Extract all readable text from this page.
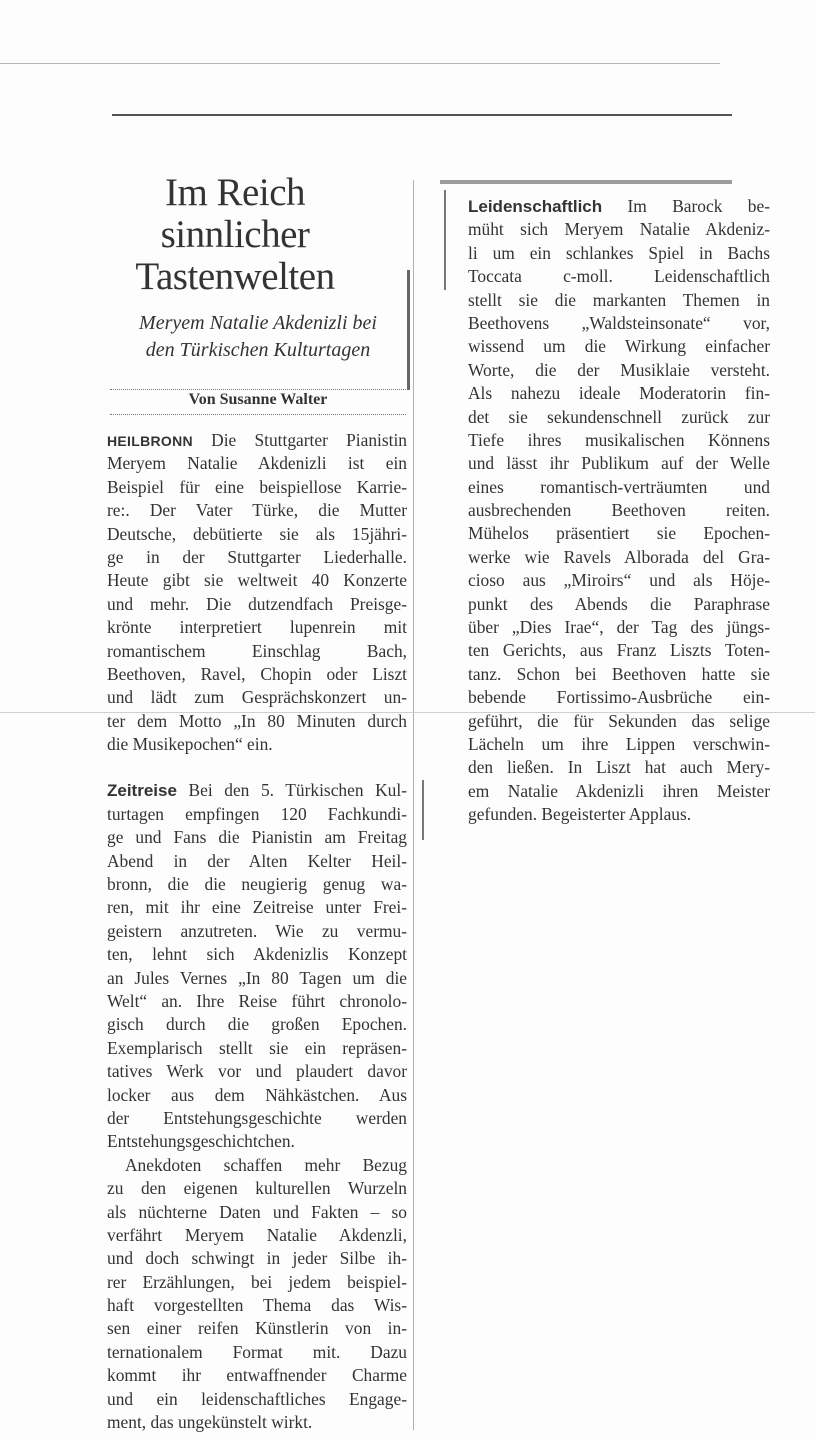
Im Reich
sinnlicher
Tastenwelten
Meryem Natalie Akdenizli bei
den Türkischen Kulturtagen
Von Susanne Walter
HEILBRONN Die Stuttgarter Pianistin
Meryem Natalie Akdenizli ist ein
Beispiel für eine beispiellose Karrie-
re:. Der Vater Türke, die Mutter
Deutsche, debütierte sie als 15jähri-
ge in der Stuttgarter Liederhalle.
Heute gibt sie weltweit 40 Konzerte
und mehr. Die dutzendfach Preisge-
krönte interpretiert lupenrein mit
romantischem Einschlag Bach,
Beethoven, Ravel, Chopin oder Liszt
und lädt zum Gesprächskonzert un-
ter dem Motto „In 80 Minuten durch
die Musikepochen“ ein.
Zeitreise Bei den 5. Türkischen Kul-
turtagen empfingen 120 Fachkundi-
ge und Fans die Pianistin am Freitag
Abend in der Alten Kelter Heil-
bronn, die die neugierig genug wa-
ren, mit ihr eine Zeitreise unter Frei-
geistern anzutreten. Wie zu vermu-
ten, lehnt sich Akdenizlis Konzept
an Jules Vernes „In 80 Tagen um die
Welt“ an. Ihre Reise führt chronolo-
gisch durch die großen Epochen.
Exemplarisch stellt sie ein repräsen-
tatives Werk vor und plaudert davor
locker aus dem Nähkästchen. Aus
der Entstehungsgeschichte werden
Entstehungsgeschichtchen.
Anekdoten schaffen mehr Bezug
zu den eigenen kulturellen Wurzeln
als nüchterne Daten und Fakten – so
verfährt Meryem Natalie Akdenzli,
und doch schwingt in jeder Silbe ih-
rer Erzählungen, bei jedem beispiel-
haft vorgestellten Thema das Wis-
sen einer reifen Künstlerin von in-
ternationalem Format mit. Dazu
kommt ihr entwaffnender Charme
und ein leidenschaftliches Engage-
ment, das ungekünstelt wirkt.
Leidenschaftlich Im Barock be-
müht sich Meryem Natalie Akdeniz-
li um ein schlankes Spiel in Bachs
Toccata c-moll. Leidenschaftlich
stellt sie die markanten Themen in
Beethovens „Waldsteinsonate“ vor,
wissend um die Wirkung einfacher
Worte, die der Musiklaie versteht.
Als nahezu ideale Moderatorin fin-
det sie sekundenschnell zurück zur
Tiefe ihres musikalischen Könnens
und lässt ihr Publikum auf der Welle
eines romantisch-verträumten und
ausbrechenden Beethoven reiten.
Mühelos präsentiert sie Epochen-
werke wie Ravels Alborada del Gra-
cioso aus „Miroirs“ und als Höje-
punkt des Abends die Paraphrase
über „Dies Irae“, der Tag des jüngs-
ten Gerichts, aus Franz Liszts Toten-
tanz. Schon bei Beethoven hatte sie
bebende Fortissimo-Ausbrüche ein-
geführt, die für Sekunden das selige
Lächeln um ihre Lippen verschwin-
den ließen. In Liszt hat auch Mery-
em Natalie Akdenizli ihren Meister
gefunden. Begeisterter Applaus.
